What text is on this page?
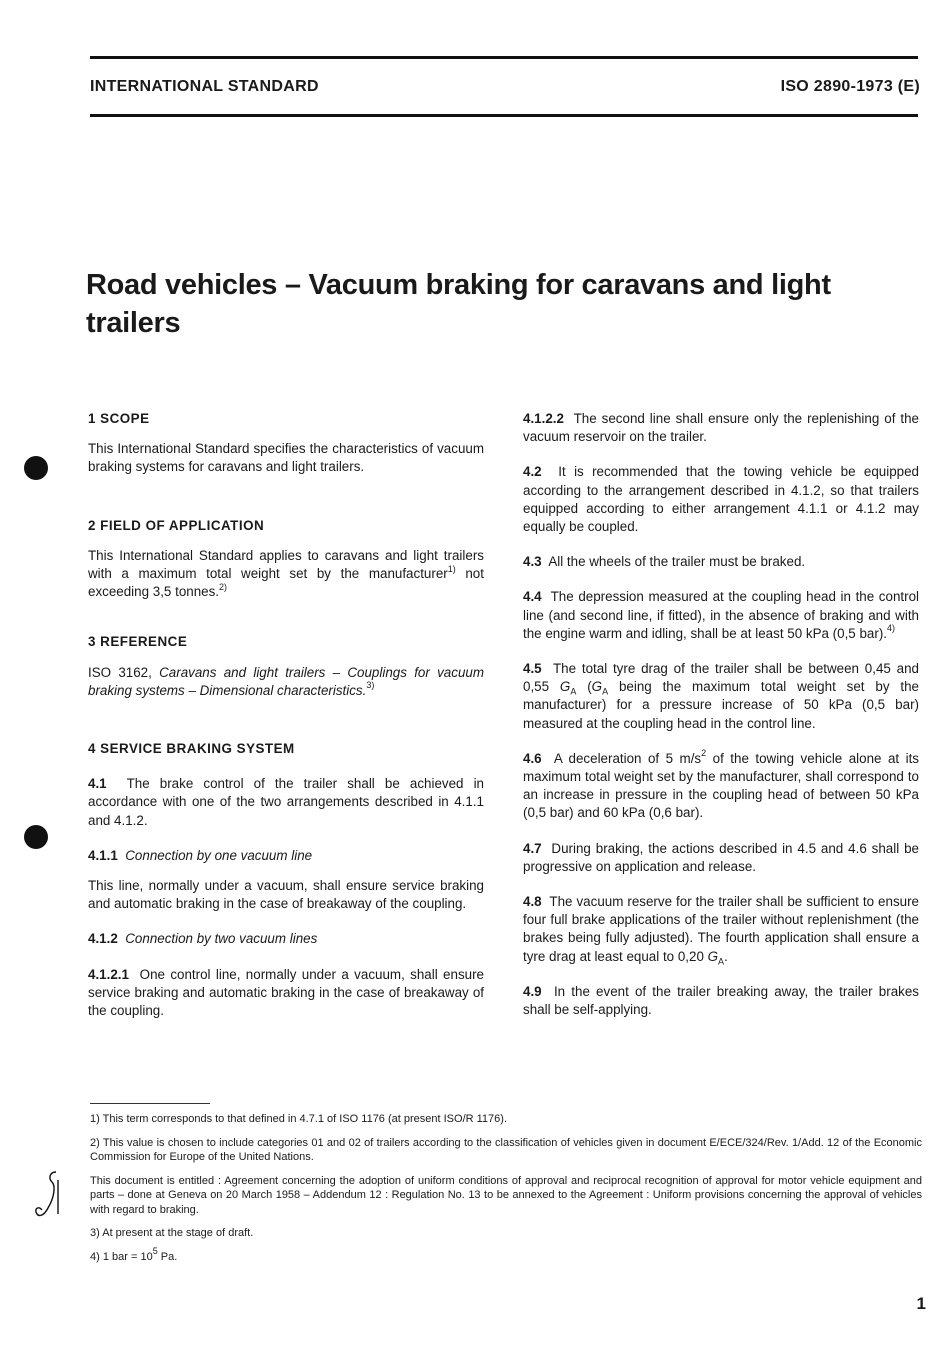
INTERNATIONAL STANDARD	ISO 2890-1973 (E)
Road vehicles – Vacuum braking for caravans and light trailers

1 SCOPE

This International Standard specifies the characteristics of vacuum braking systems for caravans and light trailers.

2 FIELD OF APPLICATION

This International Standard applies to caravans and light trailers with a maximum total weight set by the manufacturer$^{1)}$ not exceeding 3,5 tonnes.$^{2)}$

3 REFERENCE

ISO 3162, Caravans and light trailers – Couplings for vacuum braking systems – Dimensional characteristics.$^{3)}$

4 SERVICE BRAKING SYSTEM

4.1 The brake control of the trailer shall be achieved in accordance with one of the two arrangements described in 4.1.1 and 4.1.2.

4.1.1 Connection by one vacuum line

This line, normally under a vacuum, shall ensure service braking and automatic braking in the case of breakaway of the coupling.

4.1.2 Connection by two vacuum lines

4.1.2.1 One control line, normally under a vacuum, shall ensure service braking and automatic braking in the case of breakaway of the coupling.

4.1.2.2 The second line shall ensure only the replenishing of the vacuum reservoir on the trailer.

4.2 It is recommended that the towing vehicle be equipped according to the arrangement described in 4.1.2, so that trailers equipped according to either arrangement 4.1.1 or 4.1.2 may equally be coupled.

4.3 All the wheels of the trailer must be braked.

4.4 The depression measured at the coupling head in the control line (and second line, if fitted), in the absence of braking and with the engine warm and idling, shall be at least 50 kPa (0,5 bar).$^{4)}$

4.5 The total tyre drag of the trailer shall be between 0,45 and 0,55 $G_A$ ($G_A$ being the maximum total weight set by the manufacturer) for a pressure increase of 50 kPa (0,5 bar) measured at the coupling head in the control line.

4.6 A deceleration of 5 $m/s^2$ of the towing vehicle alone at its maximum total weight set by the manufacturer, shall correspond to an increase in pressure in the coupling head of between 50 kPa (0,5 bar) and 60 kPa (0,6 bar).

4.7 During braking, the actions described in 4.5 and 4.6 shall be progressive on application and release.

4.8 The vacuum reserve for the trailer shall be sufficient to ensure four full brake applications of the trailer without replenishment (the brakes being fully adjusted). The fourth application shall ensure a tyre drag at least equal to 0,20 $G_A$.

4.9 In the event of the trailer breaking away, the trailer brakes shall be self-applying.

1) This term corresponds to that defined in 4.7.1 of ISO 1176 (at present ISO/R 1176).

2) This value is chosen to include categories 01 and 02 of trailers according to the classification of vehicles given in document E/ECE/324/Rev. 1/Add. 12 of the Economic Commission for Europe of the United Nations.

This document is entitled : Agreement concerning the adoption of uniform conditions of approval and reciprocal recognition of approval for motor vehicle equipment and parts – done at Geneva on 20 March 1958 – Addendum 12 : Regulation No. 13 to be annexed to the Agreement : Uniform provisions concerning the approval of vehicles with regard to braking.

3) At present at the stage of draft.

4) 1 bar = $10^5$ Pa.

1
